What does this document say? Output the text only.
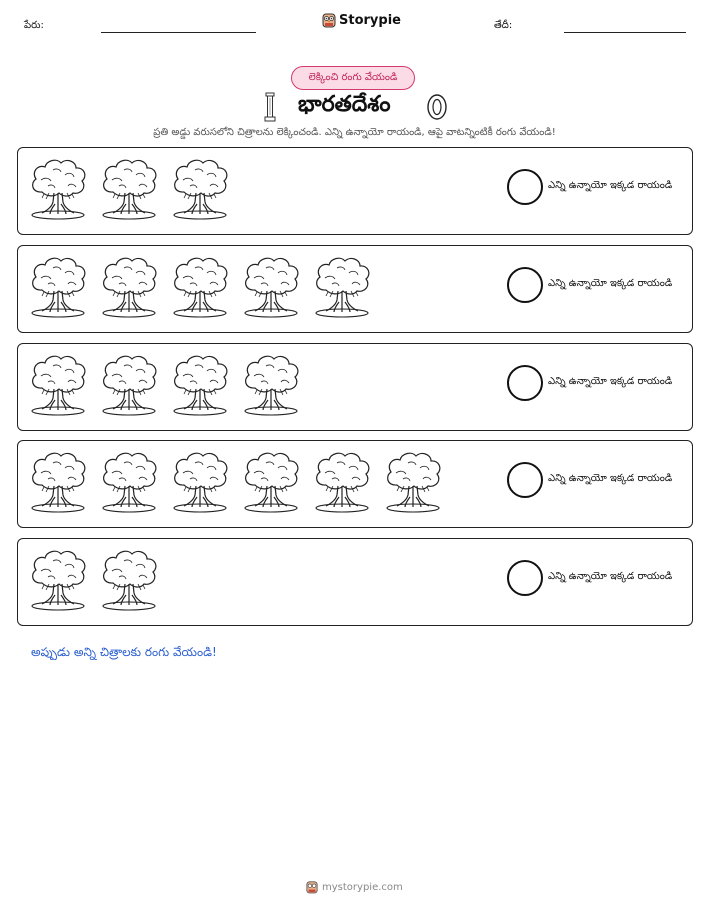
పేరు:	Storypie	తేదీ:
లెక్కించి రంగు వేయండి
భారతదేశం
ప్రతి అడ్డు వరుసలోని చిత్రాలను లెక్కించండి. ఎన్ని ఉన్నాయో రాయండి, ఆపై వాటన్నింటికీ రంగు వేయండి!
ఎన్ని ఉన్నాయో ఇక్కడ రాయండి
ఎన్ని ఉన్నాయో ఇక్కడ రాయండి
ఎన్ని ఉన్నాయో ఇక్కడ రాయండి
ఎన్ని ఉన్నాయో ఇక్కడ రాయండి
ఎన్ని ఉన్నాయో ఇక్కడ రాయండి
అప్పుడు అన్ని చిత్రాలకు రంగు వేయండి!
mystorypie.com
